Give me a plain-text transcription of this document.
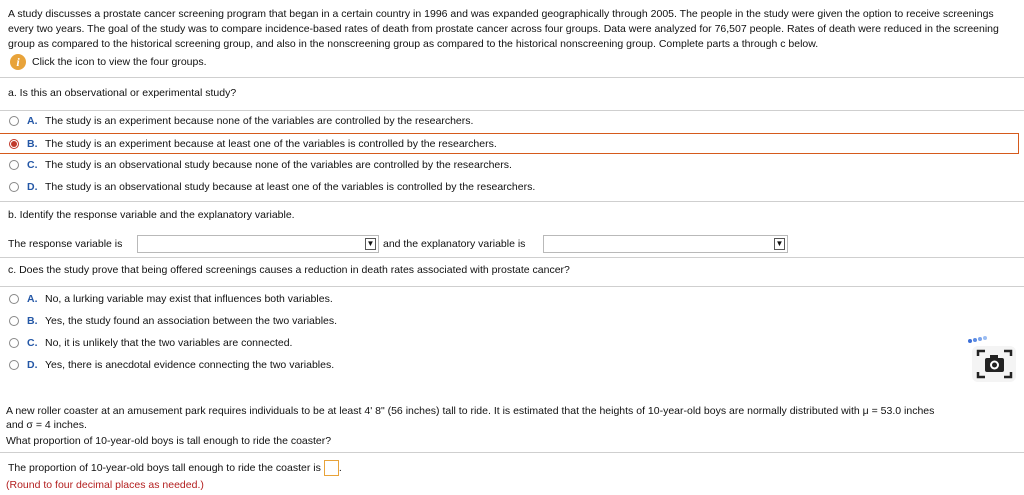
A study discusses a prostate cancer screening program that began in a certain country in 1996 and was expanded geographically through 2005. The people in the study were given the option to receive screenings every two years. The goal of the study was to compare incidence-based rates of death from prostate cancer across four groups. Data were analyzed for 76,507 people. Rates of death were reduced in the screening group as compared to the historical screening group, and also in the nonscreening group as compared to the historical nonscreening group. Complete parts a through c below.
i	Click the icon to view the four groups.
a. Is this an observational or experimental study?
A. The study is an experiment because none of the variables are controlled by the researchers.
B. The study is an experiment because at least one of the variables is controlled by the researchers.
C. The study is an observational study because none of the variables are controlled by the researchers.
D. The study is an observational study because at least one of the variables is controlled by the researchers.
b. Identify the response variable and the explanatory variable.
The response variable is	▼ and the explanatory variable is	▼
c. Does the study prove that being offered screenings causes a reduction in death rates associated with prostate cancer?
A. No, a lurking variable may exist that influences both variables.
B. Yes, the study found an association between the two variables.
C. No, it is unlikely that the two variables are connected.
D. Yes, there is anecdotal evidence connecting the two variables.
A new roller coaster at an amusement park requires individuals to be at least 4' 8" (56 inches) tall to ride. It is estimated that the heights of 10-year-old boys are normally distributed with μ = 53.0 inches
and σ = 4 inches.
What proportion of 10-year-old boys is tall enough to ride the coaster?
The proportion of 10-year-old boys tall enough to ride the coaster is .
(Round to four decimal places as needed.)
